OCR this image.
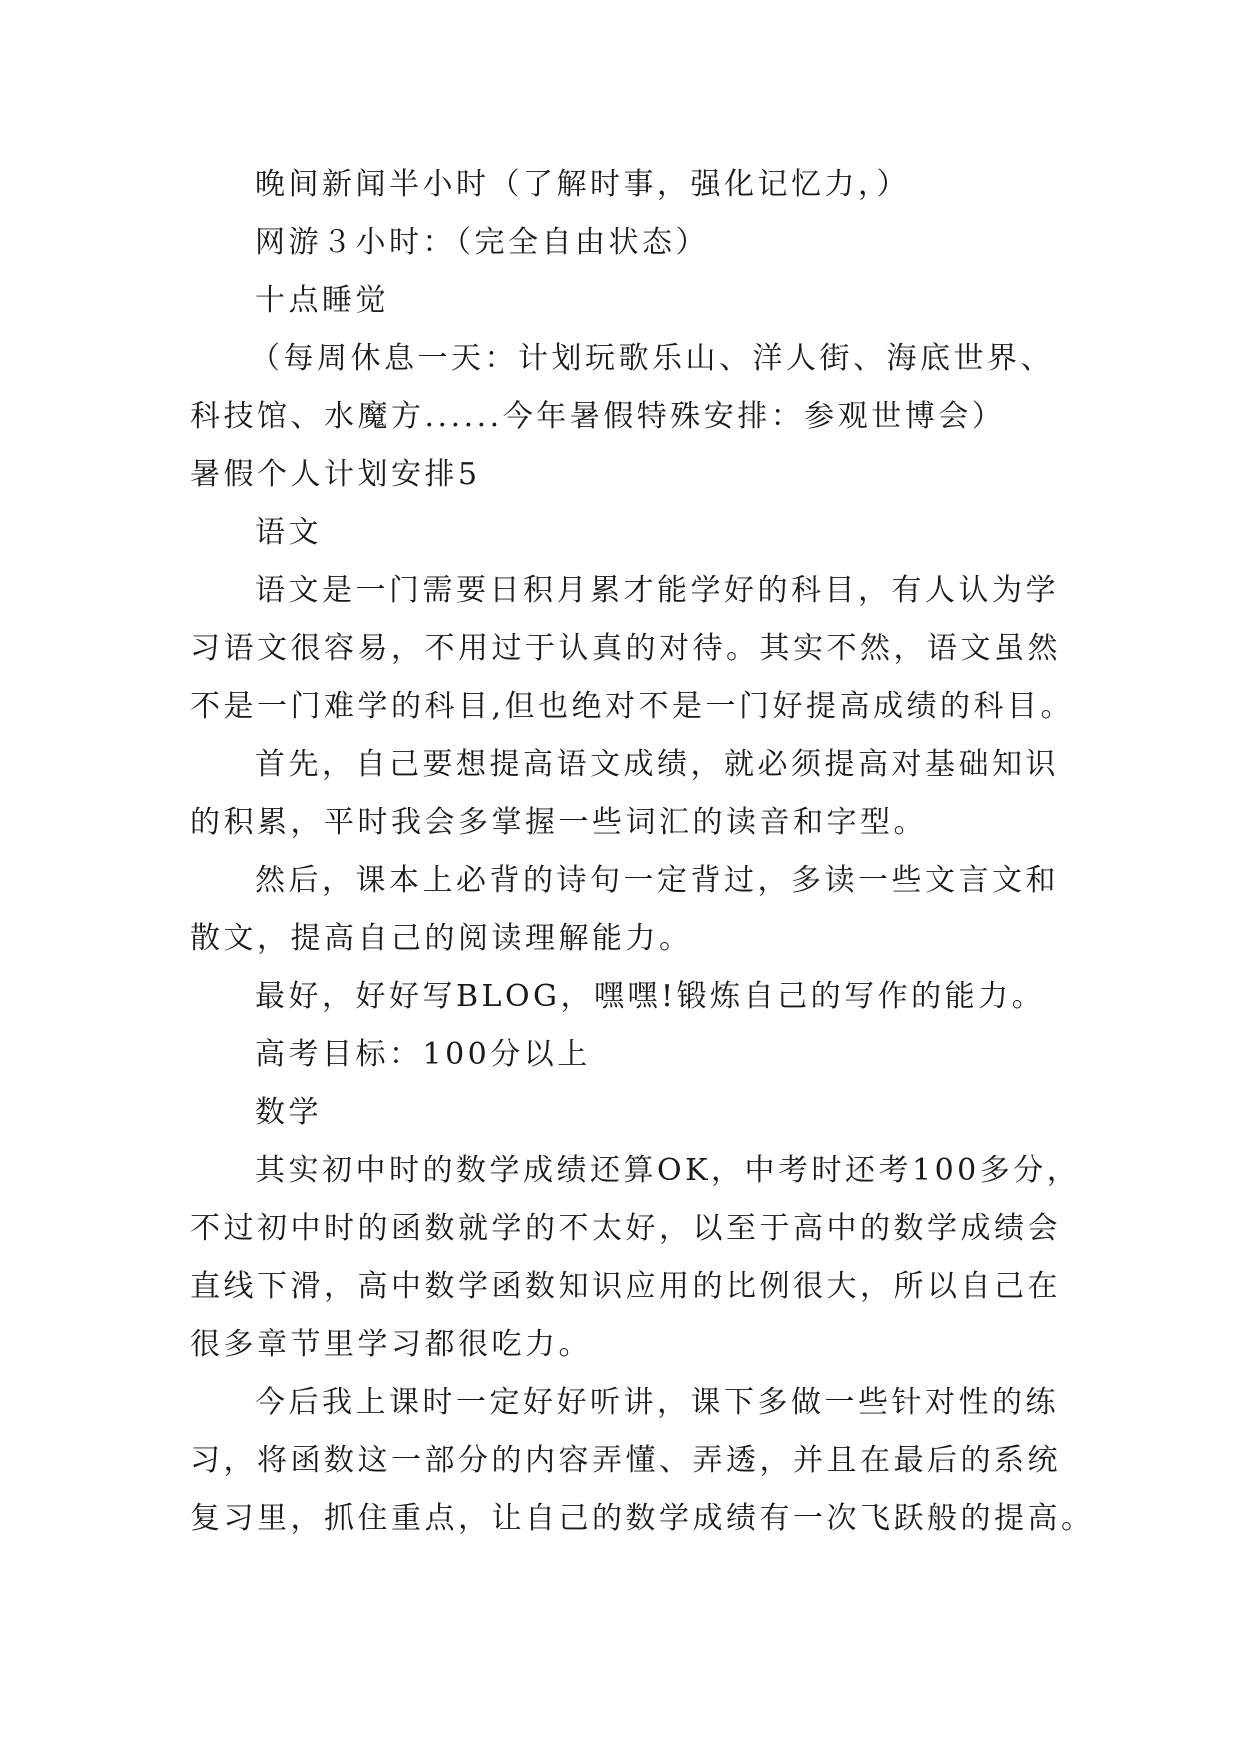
晚间新闻半小时（了解时事，强化记忆力，）
网游３小时：（完全自由状态）
十点睡觉
（每周休息一天：计划玩歌乐山、洋人街、海底世界、
科技馆、水魔方......今年暑假特殊安排：参观世博会）
暑假个人计划安排5
语文
语文是一门需要日积月累才能学好的科目，有人认为学
习语文很容易，不用过于认真的对待。其实不然，语文虽然
不是一门难学的科目,但也绝对不是一门好提高成绩的科目。
首先，自己要想提高语文成绩，就必须提高对基础知识
的积累，平时我会多掌握一些词汇的读音和字型。
然后，课本上必背的诗句一定背过，多读一些文言文和
散文，提高自己的阅读理解能力。
最好，好好写BLOG，嘿嘿!锻炼自己的写作的能力。
高考目标：100分以上
数学
其实初中时的数学成绩还算OK，中考时还考100多分，
不过初中时的函数就学的不太好，以至于高中的数学成绩会
直线下滑，高中数学函数知识应用的比例很大，所以自己在
很多章节里学习都很吃力。
今后我上课时一定好好听讲，课下多做一些针对性的练
习，将函数这一部分的内容弄懂、弄透，并且在最后的系统
复习里，抓住重点，让自己的数学成绩有一次飞跃般的提高。
